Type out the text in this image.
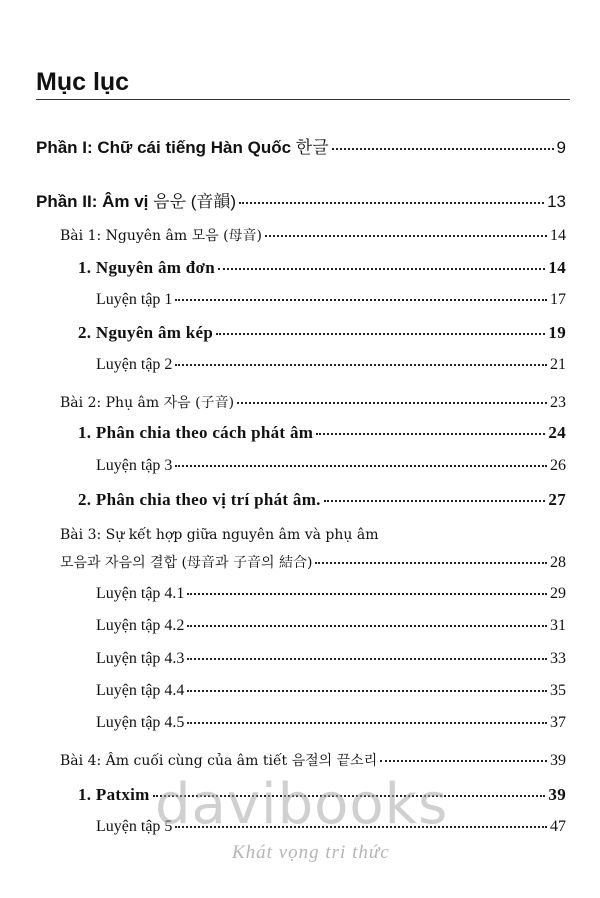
Mục lục
Phần I: Chữ cái tiếng Hàn Quốc 한글	9
Phần II: Âm vị 음운 (音韻)	13
Bài 1: Nguyên âm 모음 (母音)	14
1. Nguyên âm đơn	14
Luyện tập 1	17
2. Nguyên âm kép	19
Luyện tập 2	21
Bài 2: Phụ âm 자음 (子音)	23
1. Phân chia theo cách phát âm	24
Luyện tập 3	26
2. Phân chia theo vị trí phát âm.	27
Bài 3: Sự kết hợp giữa nguyên âm và phụ âm
모음과 자음의 결합 (母音과 子音의 結合)	28
Luyện tập 4.1	29
Luyện tập 4.2	31
Luyện tập 4.3	33
Luyện tập 4.4	35
Luyện tập 4.5	37
Bài 4: Âm cuối cùng của âm tiết 음절의 끝소리	39
1. Patxim	39
Luyện tập 5	47
davibooks
Khát vọng tri thức
